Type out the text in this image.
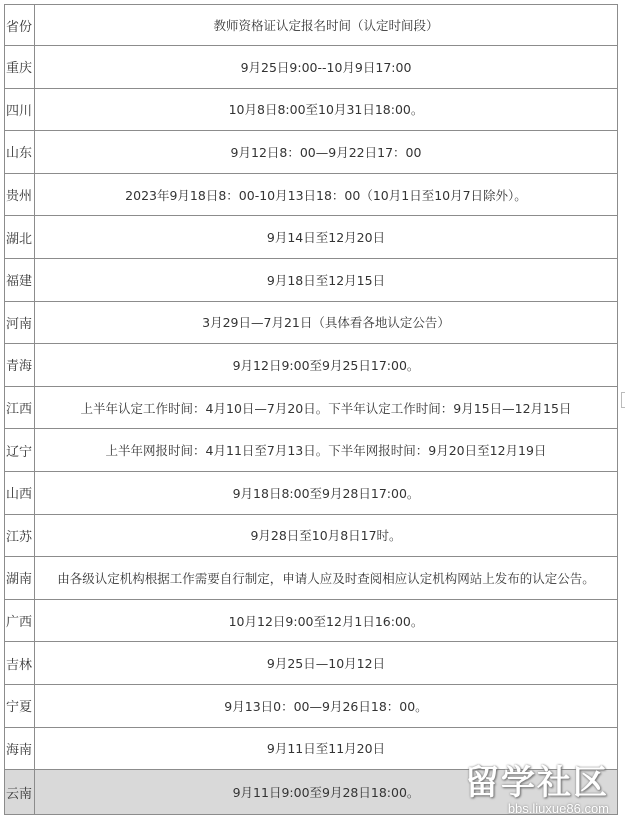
省份	教师资格证认定报名时间（认定时间段）
重庆	9月25日9:00--10月9日17:00
四川	10月8日8:00至10月31日18:00。
山东	9月12日8：00—9月22日17：00
贵州	2023年9月18日8：00-10月13日18：00（10月1日至10月7日除外）。
湖北	9月14日至12月20日
福建	9月18日至12月15日
河南	3月29日—7月21日（具体看各地认定公告）
青海	9月12日9:00至9月25日17:00。
江西	上半年认定工作时间：4月10日—7月20日。下半年认定工作时间：9月15日—12月15日
辽宁	上半年网报时间：4月11日至7月13日。下半年网报时间：9月20日至12月19日
山西	9月18日8:00至9月28日17:00。
江苏	9月28日至10月8日17时。
湖南	由各级认定机构根据工作需要自行制定，申请人应及时查阅相应认定机构网站上发布的认定公告。
广西	10月12日9:00至12月1日16:00。
吉林	9月25日—10月12日
宁夏	9月13日0：00—9月26日18：00。
海南	9月11日至11月20日
云南	9月11日9:00至9月28日18:00。 留学社区
bbs.liuxue86.com
